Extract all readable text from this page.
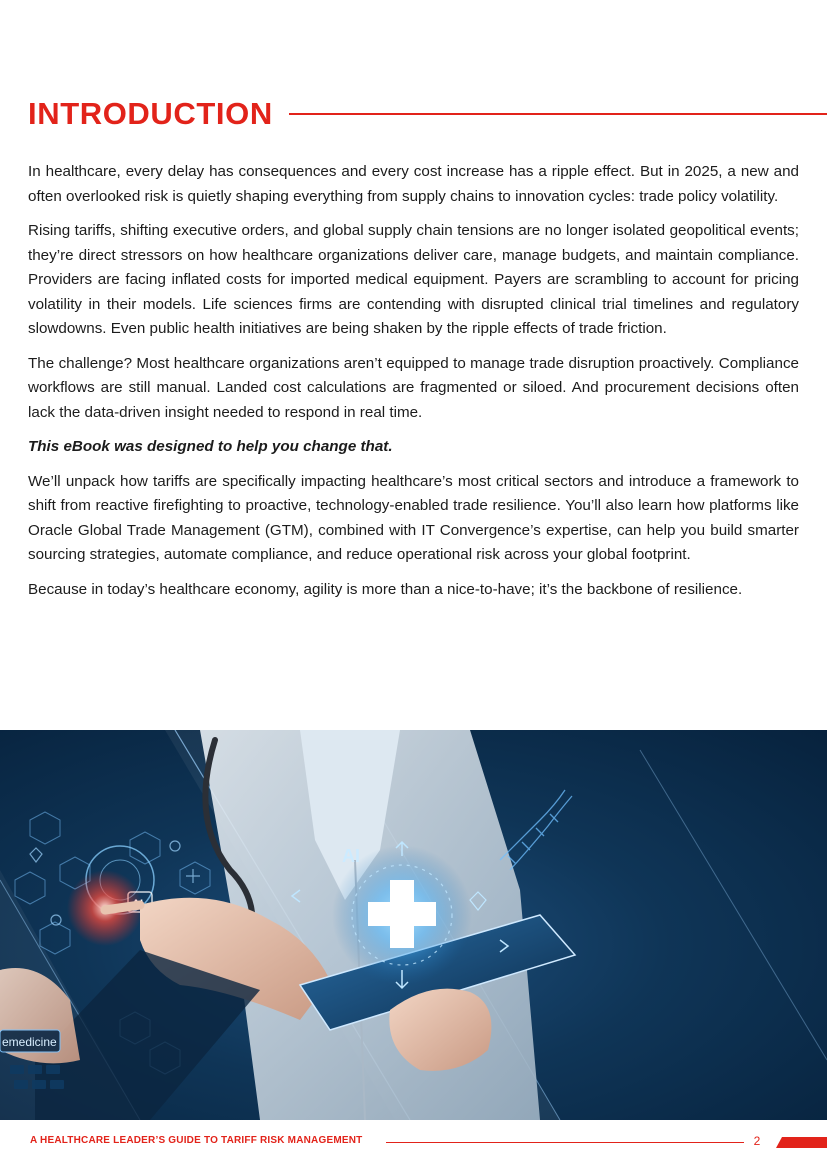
INTRODUCTION

In healthcare, every delay has consequences and every cost increase has a ripple effect. But in 2025, a new and often overlooked risk is quietly shaping everything from supply chains to innovation cycles: trade policy volatility.

Rising tariffs, shifting executive orders, and global supply chain tensions are no longer isolated geopolitical events; they’re direct stressors on how healthcare organizations deliver care, manage budgets, and maintain compliance. Providers are facing inflated costs for imported medical equipment. Payers are scrambling to account for pricing volatility in their models. Life sciences firms are contending with disrupted clinical trial timelines and regulatory slowdowns. Even public health initiatives are being shaken by the ripple effects of trade friction.

The challenge? Most healthcare organizations aren’t equipped to manage trade disruption proactively. Compliance workflows are still manual. Landed cost calculations are fragmented or siloed. And procurement decisions often lack the data-driven insight needed to respond in real time.

This eBook was designed to help you change that.

We’ll unpack how tariffs are specifically impacting healthcare’s most critical sectors and introduce a framework to shift from reactive firefighting to proactive, technology-enabled trade resilience. You’ll also learn how platforms like Oracle Global Trade Management (GTM), combined with IT Convergence’s expertise, can help you build smarter sourcing strategies, automate compliance, and reduce operational risk across your global footprint.

Because in today’s healthcare economy, agility is more than a nice-to-have; it’s the backbone of resilience.

emedicine
AI
A HEALTHCARE LEADER’S GUIDE TO TARIFF RISK MANAGEMENT	2
